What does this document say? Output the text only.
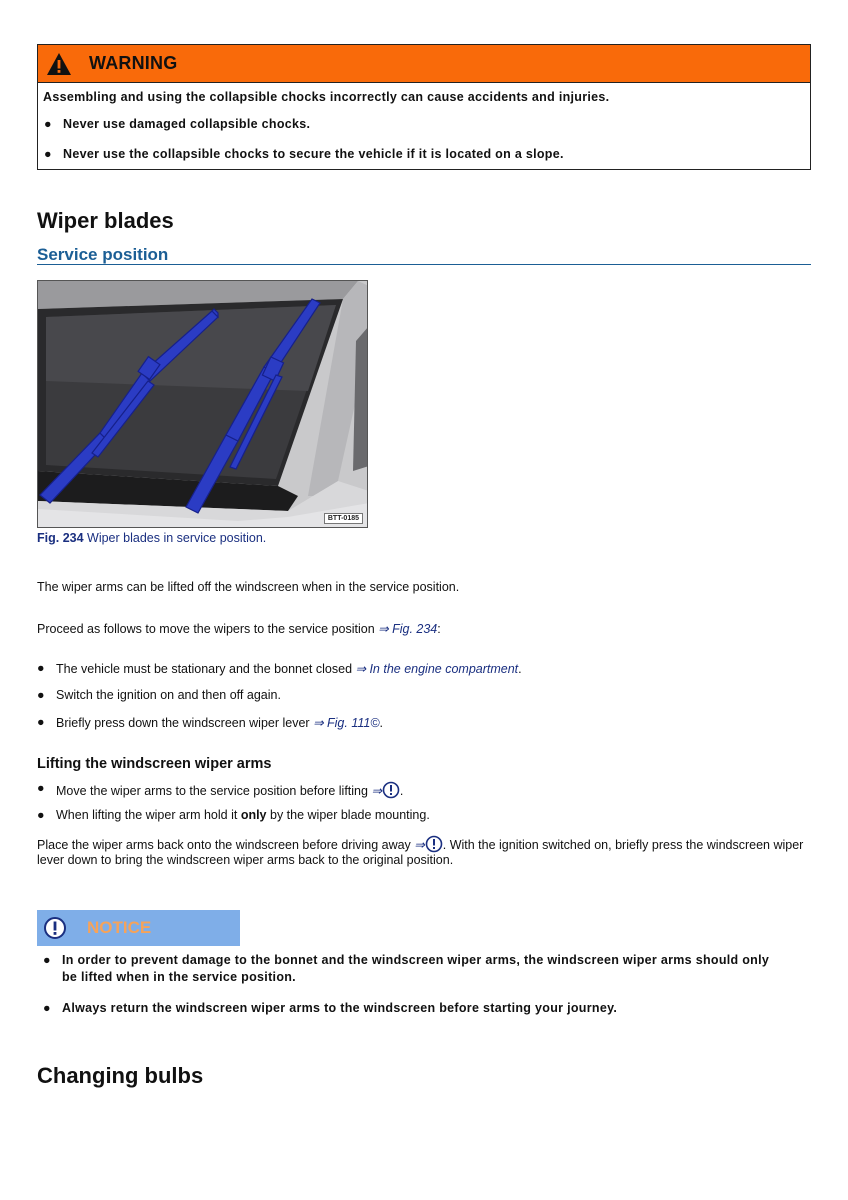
WARNING
Assembling and using the collapsible chocks incorrectly can cause accidents and injuries.
● Never use damaged collapsible chocks.
● Never use the collapsible chocks to secure the vehicle if it is located on a slope.
Wiper blades
Service position
BTT-0185
Fig. 234 Wiper blades in service position.
The wiper arms can be lifted off the windscreen when in the service position.
Proceed as follows to move the wipers to the service position ⇒ Fig. 234:
● The vehicle must be stationary and the bonnet closed ⇒ In the engine compartment.
● Switch the ignition on and then off again.
● Briefly press down the windscreen wiper lever ⇒ Fig. 111©.
Lifting the windscreen wiper arms
● Move the wiper arms to the service position before lifting ⇒ .
● When lifting the wiper arm hold it only by the wiper blade mounting.
Place the wiper arms back onto the windscreen before driving away ⇒ . With the ignition switched on, briefly press the windscreen wiper
lever down to bring the windscreen wiper arms back to the original position.
NOTICE
● In order to prevent damage to the bonnet and the windscreen wiper arms, the windscreen wiper arms should only
be lifted when in the service position.
● Always return the windscreen wiper arms to the windscreen before starting your journey.
Changing bulbs
